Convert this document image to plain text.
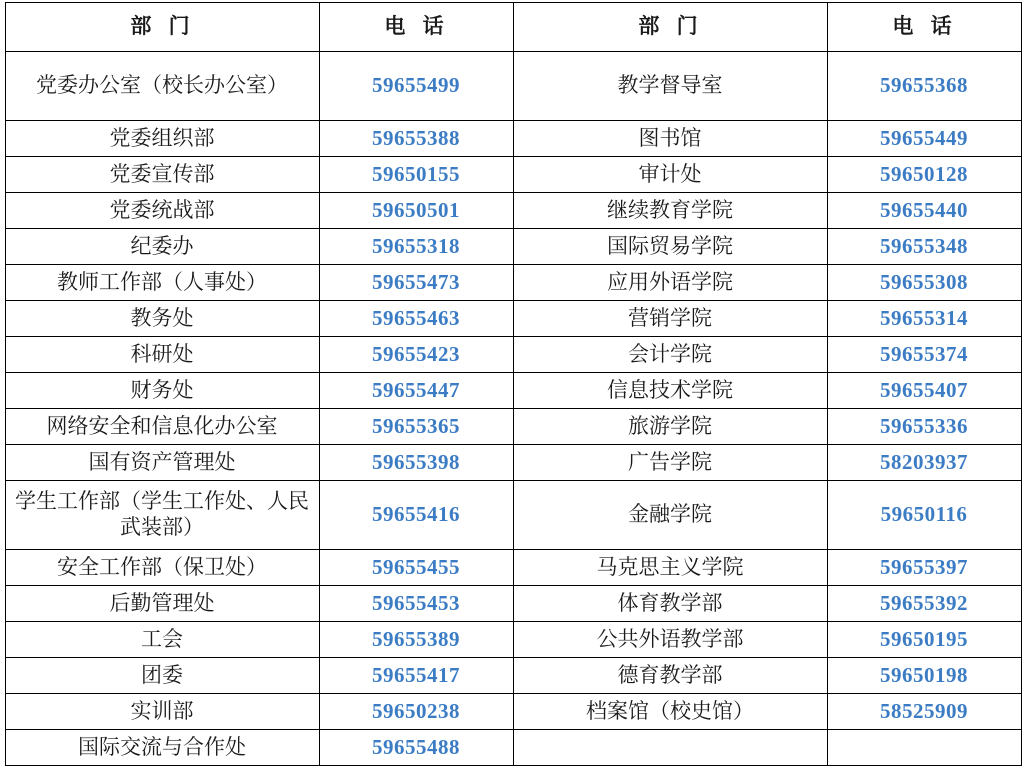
部 门	电 话	部 门	电 话
党委办公室（校长办公室）	59655499	教学督导室	59655368
党委组织部	59655388	图书馆	59655449
党委宣传部	59650155	审计处	59650128
党委统战部	59650501	继续教育学院	59655440
纪委办	59655318	国际贸易学院	59655348
教师工作部（人事处）	59655473	应用外语学院	59655308
教务处	59655463	营销学院	59655314
科研处	59655423	会计学院	59655374
财务处	59655447	信息技术学院	59655407
网络安全和信息化办公室	59655365	旅游学院	59655336
国有资产管理处	59655398	广告学院	58203937
学生工作部（学生工作处、人民武装部）	59655416	金融学院	59650116
安全工作部（保卫处）	59655455	马克思主义学院	59655397
后勤管理处	59655453	体育教学部	59655392
工会	59655389	公共外语教学部	59650195
团委	59655417	德育教学部	59650198
实训部	59650238	档案馆（校史馆）	58525909
国际交流与合作处	59655488		
